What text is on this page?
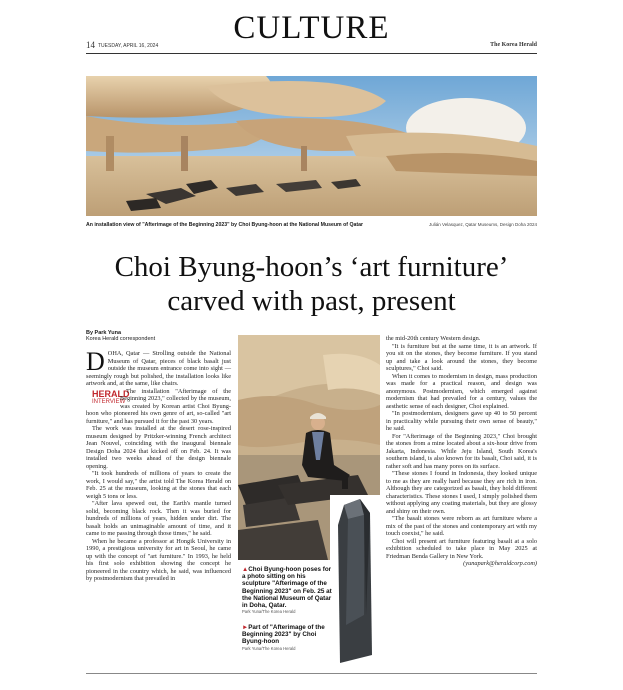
CULTURE
14 TUESDAY, APRIL 16, 2024	The Korea Herald
An installation view of "Afterimage of the Beginning 2023" by Choi Byung-hoon at the National Museum of Qatar	Julián Velasquez, Qatar Museums, Design Doha 2024
Choi Byung-hoon’s ‘art furniture’
carved with past, present
By Park Yuna
Korea Herald correspondent

DOHA, Qatar — Strolling outside the National Museum of Qatar, pieces of black basalt just outside the museum entrance come into sight — seemingly rough but polished, the installation looks like artwork and, at the same, like chairs.

HERALD
INTERVIEW
The installation "Afterimage of the Beginning 2023," collected by the museum, was created by Korean artist Choi Byung-hoon who pioneered his own genre of art, so-called "art furniture," and has pursued it for the past 30 years.

The work was installed at the desert rose-inspired museum designed by Pritzker-winning French architect Jean Nouvel, coinciding with the inaugural biennale Design Doha 2024 that kicked off on Feb. 24. It was installed two weeks ahead of the design biennale opening.

"It took hundreds of millions of years to create the work, I would say," the artist told The Korea Herald on Feb. 25 at the museum, looking at the stones that each weigh 5 tons or less.

"After lava spewed out, the Earth's mantle turned solid, becoming black rock. Then it was buried for hundreds of millions of years, hidden under dirt. The basalt holds an unimaginable amount of time, and it came to me passing through those times," he said.

When he became a professor at Hongik University in 1990, a prestigious university for art in Seoul, he came up with the concept of "art furniture." In 1993, he held his first solo exhibition showing the concept he pioneered in the country which, he said, was influenced by postmodernism that prevailed in

▲Choi Byung-hoon poses for a photo sitting on his sculpture "Afterimage of the Beginning 2023" on Feb. 25 at the National Museum of Qatar in Doha, Qatar.
Park Yuna/The Korea Herald
►Part of "Afterimage of the Beginning 2023" by Choi Byung-hoon
Park Yuna/The Korea Herald

the mid-20th century Western design.

"It is furniture but at the same time, it is an artwork. If you sit on the stones, they become furniture. If you stand up and take a look around the stones, they become sculptures," Choi said.

When it comes to modernism in design, mass production was made for a practical reason, and design was anonymous. Postmodernism, which emerged against modernism that had prevailed for a century, values the aesthetic sense of each designer, Choi explained.

"In postmodernism, designers gave up 40 to 50 percent in practicality while pursuing their own sense of beauty," he said.

For "Afterimage of the Beginning 2023," Choi brought the stones from a mine located about a six-hour drive from Jakarta, Indonesia. While Jeju Island, South Korea's southern island, is also known for its basalt, Choi said, it is rather soft and has many pores on its surface.

"These stones I found in Indonesia, they looked unique to me as they are really hard because they are rich in iron. Although they are categorized as basalt, they hold different characteristics. These stones I used, I simply polished them without applying any coating materials, but they are glossy and shiny on their own.

"The basalt stones were reborn as art furniture where a mix of the past of the stones and contemporary art with my touch coexist," he said.

Choi will present art furniture featuring basalt at a solo exhibition scheduled to take place in May 2025 at Friedman Benda Gallery in New York.

(yunapark@heraldcorp.com)
